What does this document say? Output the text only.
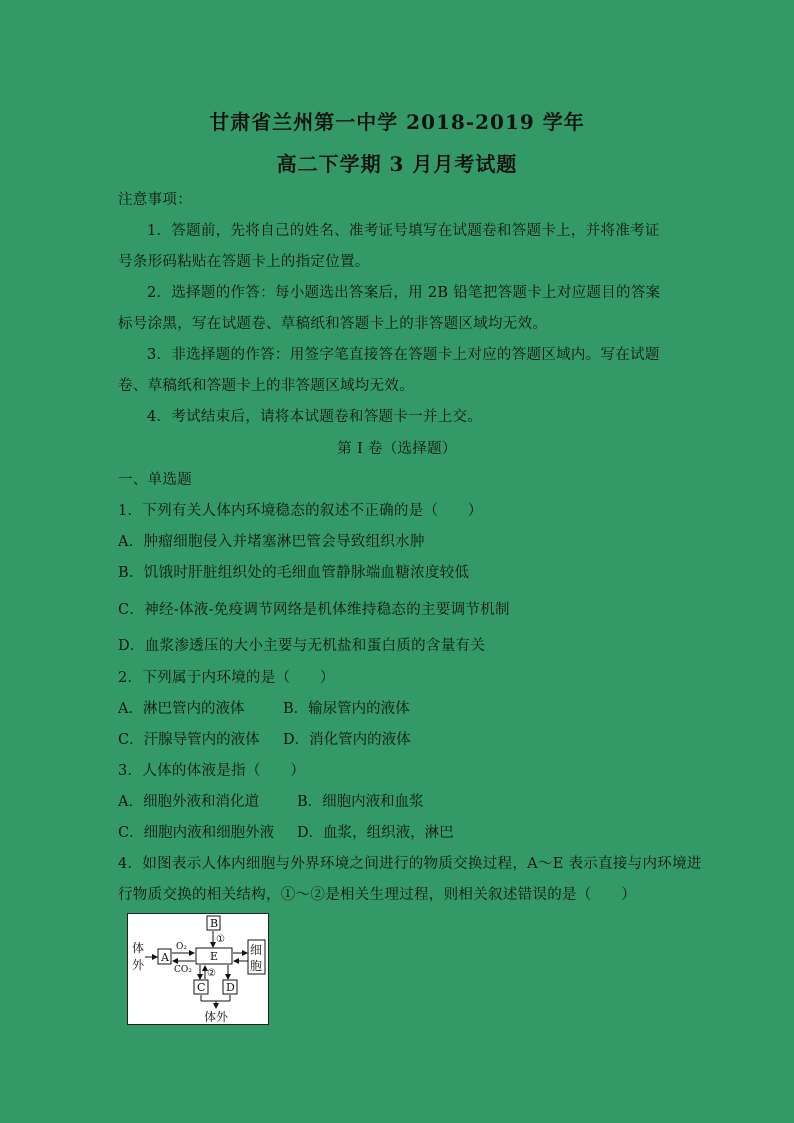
甘肃省兰州第一中学 2018-2019 学年
高二下学期 3 月月考试题
注意事项：
1．答题前，先将自己的姓名、准考证号填写在试题卷和答题卡上，并将准考证
号条形码粘贴在答题卡上的指定位置。
2．选择题的作答：每小题选出答案后，用 2B 铅笔把答题卡上对应题目的答案
标号涂黑，写在试题卷、草稿纸和答题卡上的非答题区域均无效。
3．非选择题的作答：用签字笔直接答在答题卡上对应的答题区域内。写在试题
卷、草稿纸和答题卡上的非答题区域均无效。
4．考试结束后，请将本试题卷和答题卡一并上交。
第 I 卷（选择题）
一、单选题
1．下列有关人体内环境稳态的叙述不正确的是（　　）
A．肿瘤细胞侵入并堵塞淋巴管会导致组织水肿
B．饥饿时肝脏组织处的毛细血管静脉端血糖浓度较低
C．神经-体液-免疫调节网络是机体维持稳态的主要调节机制
D．血浆渗透压的大小主要与无机盐和蛋白质的含量有关
2．下列属于内环境的是（　　）
A．淋巴管内的液体	B．输尿管内的液体
C．汗腺导管内的液体 D．消化管内的液体
3．人体的体液是指（　　）
A．细胞外液和消化道	B．细胞内液和血浆
C．细胞内液和细胞外液 D．血浆，组织液，淋巴
4．如图表示人体内细胞与外界环境之间进行的物质交换过程，A～E 表示直接与内环境进
行物质交换的相关结构，①～②是相关生理过程，则相关叙述错误的是（　　）
体
外
A
O₂
CO₂
B
①
E	细
胞
②
C D
体外
